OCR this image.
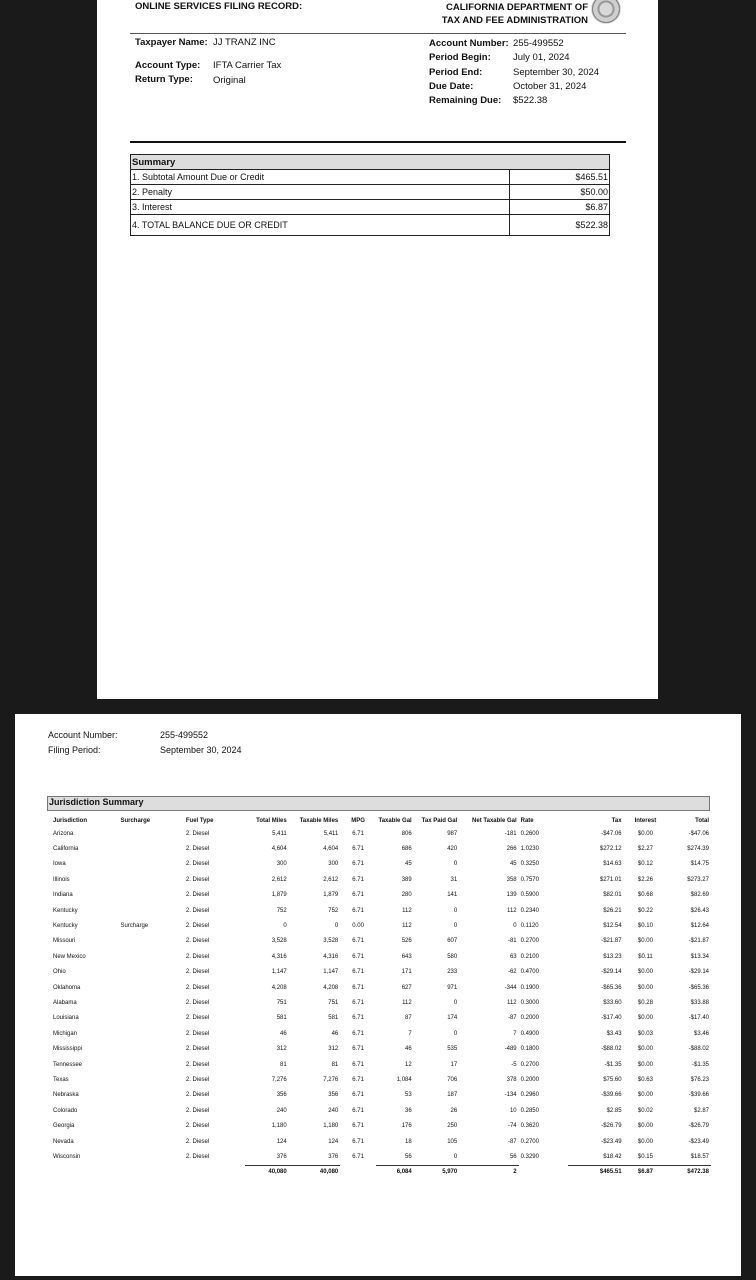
ONLINE SERVICES FILING RECORD:	CALIFORNIA DEPARTMENT OF
TAX AND FEE ADMINISTRATION
Taxpayer Name: JJ TRANZ INC
Account Type: IFTA Carrier Tax
Return Type: Original
Account Number: 255-499552
Period Begin: July 01, 2024
Period End:	September 30, 2024
Due Date:	October 31, 2024
Remaining Due: $522.38
Summary	
1. Subtotal Amount Due or Credit	$465.51
2. Penalty	$50.00
3. Interest	$6.87
4. TOTAL BALANCE DUE OR CREDIT	$522.38
Account Number:	255-499552
Filing Period:	September 30, 2024
Jurisdiction Summary
Jurisdiction	Surcharge	Fuel Type	Total Miles	Taxable Miles	MPG	Taxable Gal	Tax Paid Gal	Net Taxable Gal	Rate	Tax	Interest	Total
Arizona		2. Diesel	5,411	5,411	6.71	806	987	-181	0.2600	-$47.06	$0.00	-$47.06
California		2. Diesel	4,604	4,604	6.71	686	420	266	1.0230	$272.12	$2.27	$274.39
Iowa		2. Diesel	300	300	6.71	45	0	45	0.3250	$14.63	$0.12	$14.75
Illinois		2. Diesel	2,612	2,612	6.71	389	31	358	0.7570	$271.01	$2.26	$273.27
Indiana		2. Diesel	1,879	1,879	6.71	280	141	139	0.5900	$82.01	$0.68	$82.69
Kentucky		2. Diesel	752	752	6.71	112	0	112	0.2340	$26.21	$0.22	$26.43
Kentucky	Surcharge	2. Diesel	0	0	0.00	112	0	0	0.1120	$12.54	$0.10	$12.64
Missouri		2. Diesel	3,528	3,528	6.71	526	607	-81	0.2700	-$21.87	$0.00	-$21.87
New Mexico		2. Diesel	4,316	4,316	6.71	643	580	63	0.2100	$13.23	$0.11	$13.34
Ohio		2. Diesel	1,147	1,147	6.71	171	233	-62	0.4700	-$29.14	$0.00	-$29.14
Oklahoma		2. Diesel	4,208	4,208	6.71	627	971	-344	0.1900	-$65.36	$0.00	-$65.36
Alabama		2. Diesel	751	751	6.71	112	0	112	0.3000	$33.60	$0.28	$33.88
Louisiana		2. Diesel	581	581	6.71	87	174	-87	0.2000	-$17.40	$0.00	-$17.40
Michigan		2. Diesel	46	46	6.71	7	0	7	0.4900	$3.43	$0.03	$3.46
Mississippi		2. Diesel	312	312	6.71	46	535	-489	0.1800	-$88.02	$0.00	-$88.02
Tennessee		2. Diesel	81	81	6.71	12	17	-5	0.2700	-$1.35	$0.00	-$1.35
Texas		2. Diesel	7,276	7,276	6.71	1,084	706	378	0.2000	$75.60	$0.63	$76.23
Nebraska		2. Diesel	356	356	6.71	53	187	-134	0.2960	-$39.66	$0.00	-$39.66
Colorado		2. Diesel	240	240	6.71	36	26	10	0.2850	$2.85	$0.02	$2.87
Georgia		2. Diesel	1,180	1,180	6.71	176	250	-74	0.3620	-$26.79	$0.00	-$26.79
Nevada		2. Diesel	124	124	6.71	18	105	-87	0.2700	-$23.49	$0.00	-$23.49
Wisconsin		2. Diesel	376	376	6.71	56	0	56	0.3290	$18.42	$0.15	$18.57
			40,080	40,080		6,084	5,970	2		$465.51	$6.87	$472.38
